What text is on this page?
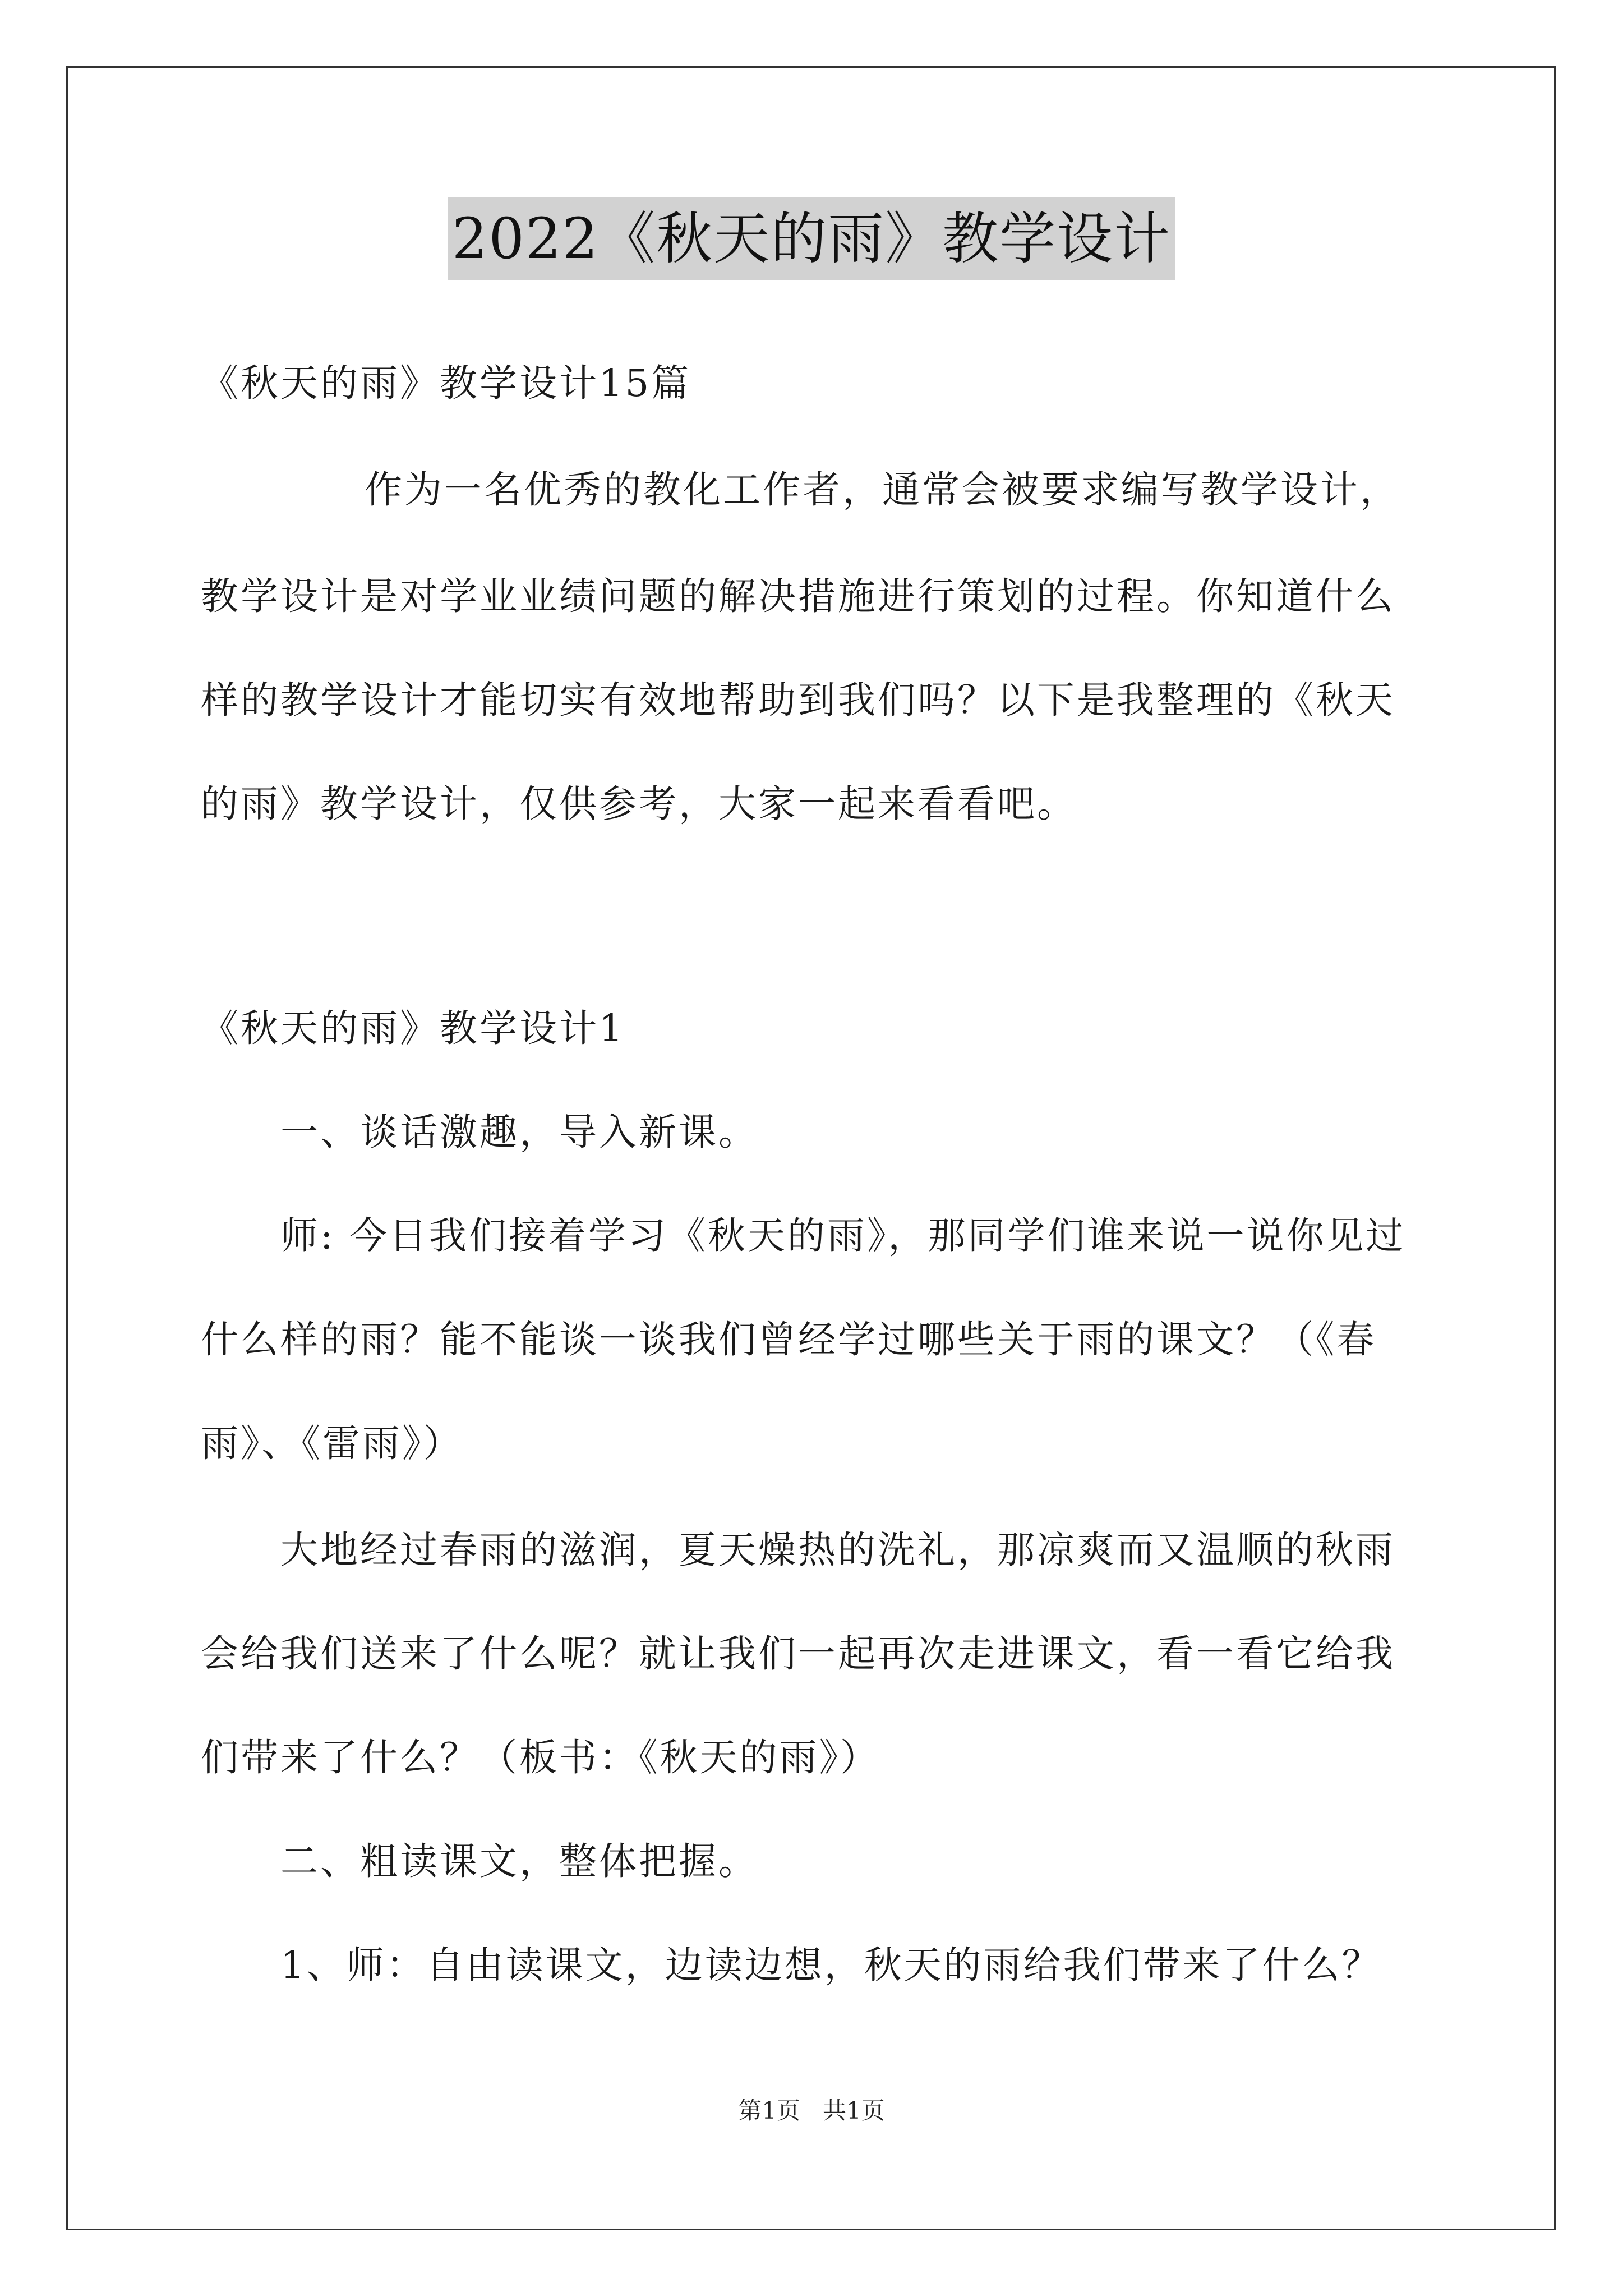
2022《秋天的雨》教学设计
《秋天的雨》教学设计15篇
作为一名优秀的教化工作者，通常会被要求编写教学设计，
教学设计是对学业业绩问题的解决措施进行策划的过程。你知道什么
样的教学设计才能切实有效地帮助到我们吗？以下是我整理的《秋天
的雨》教学设计，仅供参考，大家一起来看看吧。
《秋天的雨》教学设计1
一、谈话激趣，导入新课。
师: 今日我们接着学习《秋天的雨》，那同学们谁来说一说你见过
什么样的雨？能不能谈一谈我们曾经学过哪些关于雨的课文？（《春
雨》、《雷雨》）
大地经过春雨的滋润，夏天燥热的洗礼，那凉爽而又温顺的秋雨
会给我们送来了什么呢？就让我们一起再次走进课文，看一看它给我
们带来了什么？（板书：《秋天的雨》）
二、粗读课文，整体把握。
1、师：自由读课文，边读边想，秋天的雨给我们带来了什么？
第1页   共1页
